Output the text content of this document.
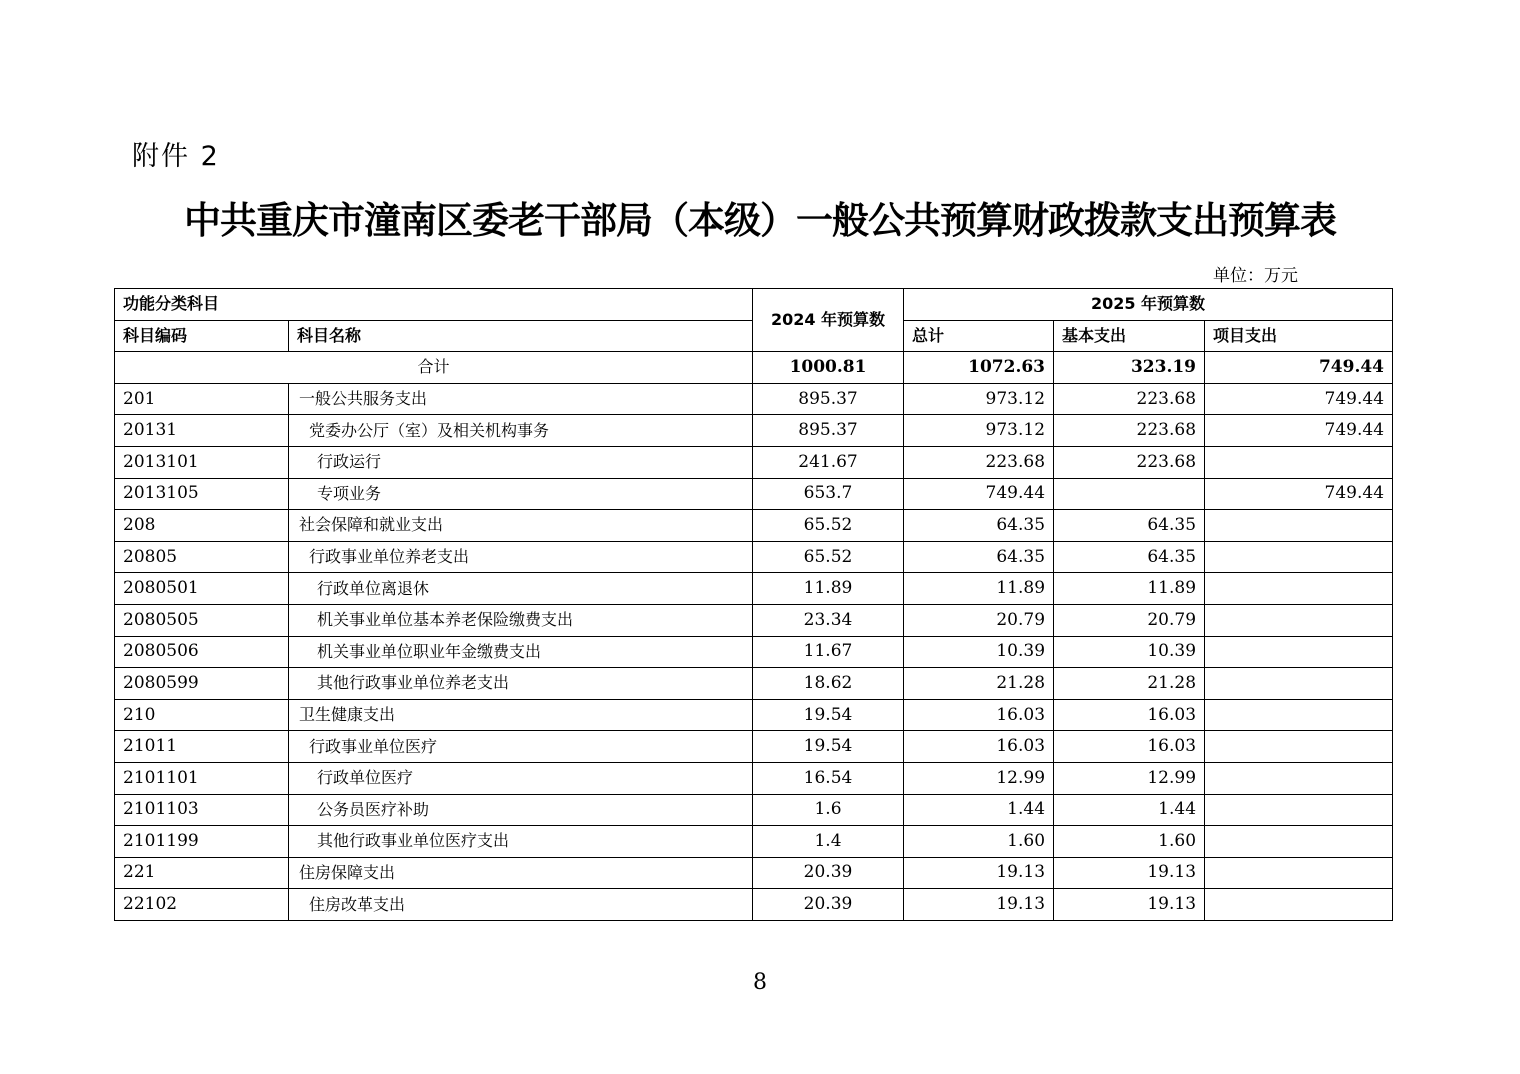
附件 2
中共重庆市潼南区委老干部局（本级）一般公共预算财政拨款支出预算表
单位：万元
功能分类科目		2024 年预算数	2025 年预算数		
科目编码	科目名称		总计	基本支出	项目支出
合计		1000.81	1072.63	323.19	749.44
201	一般公共服务支出	895.37	973.12	223.68	749.44
20131	党委办公厅（室）及相关机构事务	895.37	973.12	223.68	749.44
2013101	行政运行	241.67	223.68	223.68	
2013105	专项业务	653.7	749.44		749.44
208	社会保障和就业支出	65.52	64.35	64.35	
20805	行政事业单位养老支出	65.52	64.35	64.35	
2080501	行政单位离退休	11.89	11.89	11.89	
2080505	机关事业单位基本养老保险缴费支出	23.34	20.79	20.79	
2080506	机关事业单位职业年金缴费支出	11.67	10.39	10.39	
2080599	其他行政事业单位养老支出	18.62	21.28	21.28	
210	卫生健康支出	19.54	16.03	16.03	
21011	行政事业单位医疗	19.54	16.03	16.03	
2101101	行政单位医疗	16.54	12.99	12.99	
2101103	公务员医疗补助	1.6	1.44	1.44	
2101199	其他行政事业单位医疗支出	1.4	1.60	1.60	
221	住房保障支出	20.39	19.13	19.13	
22102	住房改革支出	20.39	19.13	19.13	
8
